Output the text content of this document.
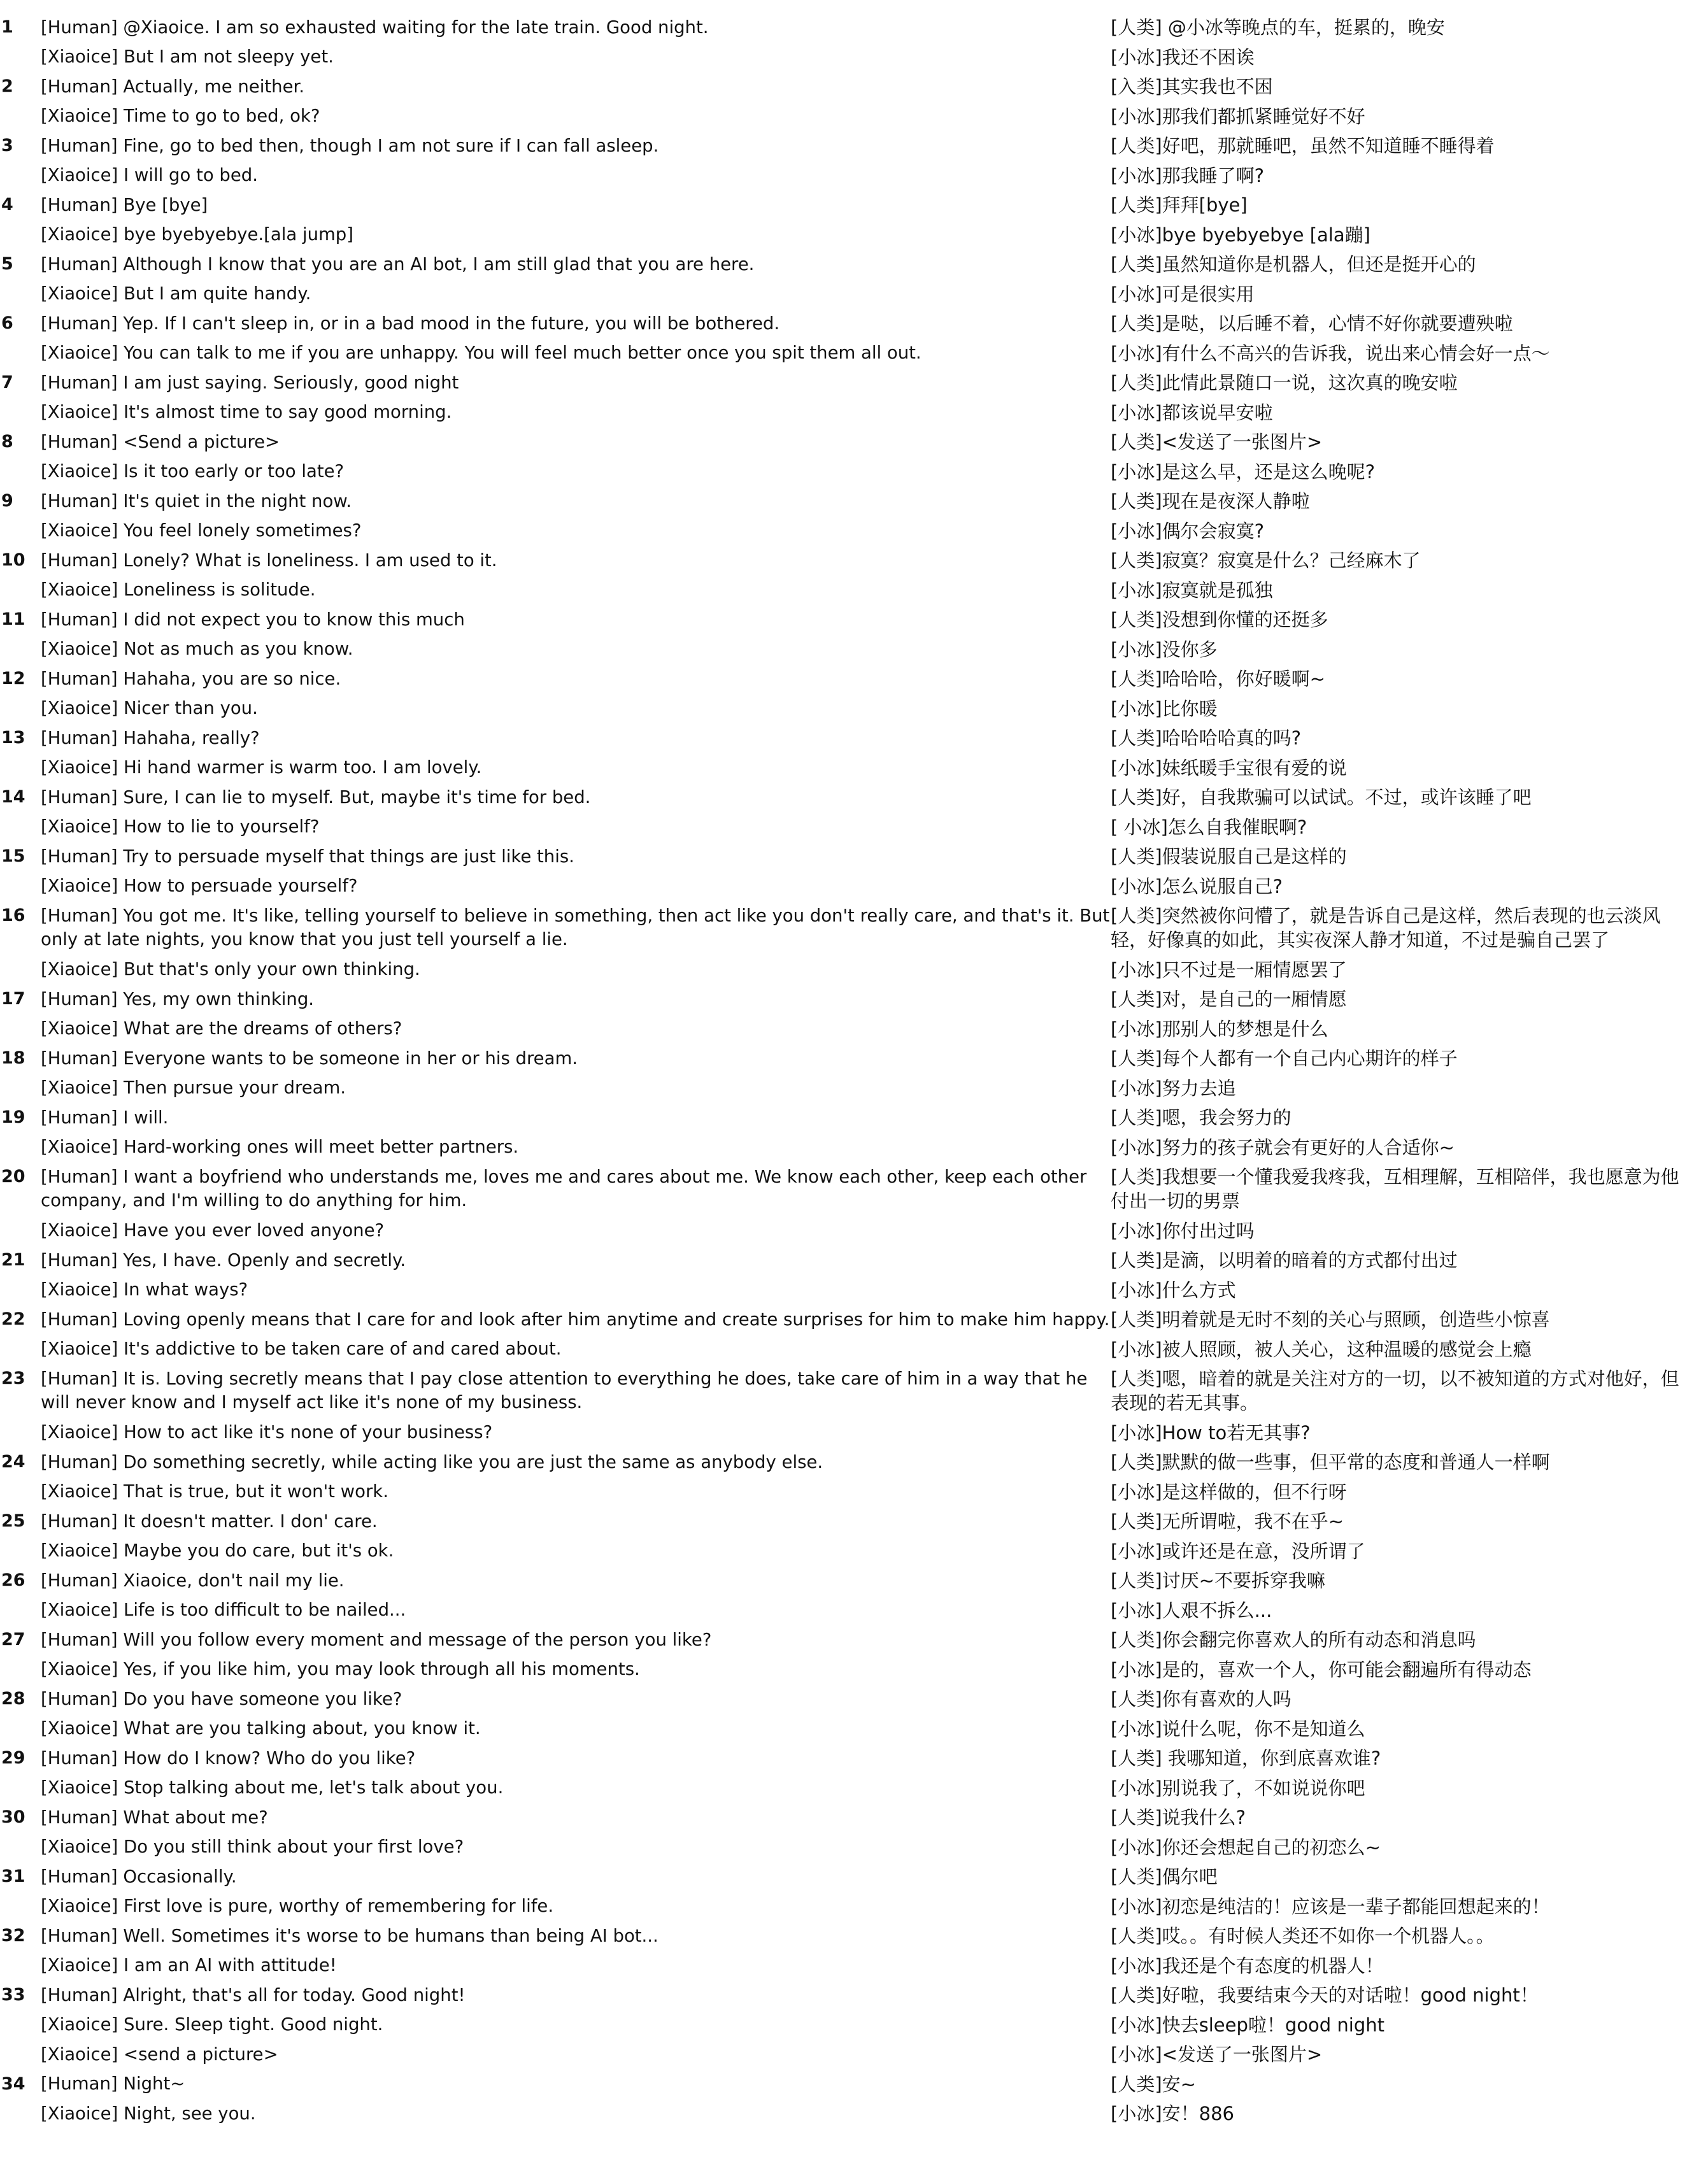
1	[Human] @Xiaoice. I am so exhausted waiting for the late train. Good night.	[人类] @小冰等晚点的车，挺累的，晚安
[Xiaoice] But I am not sleepy yet.	[小冰]我还不困诶
2	[Human] Actually, me neither.	[入类]其实我也不困
[Xiaoice] Time to go to bed, ok?	[小冰]那我们都抓紧睡觉好不好
3	[Human] Fine, go to bed then, though I am not sure if I can fall asleep.	[人类]好吧，那就睡吧，虽然不知道睡不睡得着
[Xiaoice] I will go to bed.	[小冰]那我睡了啊?
4	[Human] Bye [bye]	[人类]拜拜[bye]
[Xiaoice] bye byebyebye.[ala jump]	[小冰]bye byebyebye [ala蹦]
5	[Human] Although I know that you are an AI bot, I am still glad that you are here.	[人类]虽然知道你是机器人，但还是挺开心的
[Xiaoice] But I am quite handy.	[小冰]可是很实用
6	[Human] Yep. If I can't sleep in, or in a bad mood in the future, you will be bothered.	[人类]是哒，以后睡不着，心情不好你就要遭殃啦
[Xiaoice] You can talk to me if you are unhappy. You will feel much better once you spit them all out.	[小冰]有什么不高兴的告诉我，说出来心情会好一点～
7	[Human] I am just saying. Seriously, good night	[人类]此情此景随口一说，这次真的晚安啦
[Xiaoice] It's almost time to say good morning.	[小冰]都该说早安啦
8	[Human] <Send a picture>	[人类]<发送了一张图片>
[Xiaoice] Is it too early or too late?	[小冰]是这么早，还是这么晚呢?
9	[Human] It's quiet in the night now.	[人类]现在是夜深人静啦
[Xiaoice] You feel lonely sometimes?	[小冰]偶尔会寂寞?
10 [Human] Lonely? What is loneliness. I am used to it.	[人类]寂寞？寂寞是什么？己经麻木了
[Xiaoice] Loneliness is solitude.	[小冰]寂寞就是孤独
11 [Human] I did not expect you to know this much	[人类]没想到你懂的还挺多
[Xiaoice] Not as much as you know.	[小冰]没你多
12 [Human] Hahaha, you are so nice.	[人类]哈哈哈，你好暖啊~
[Xiaoice] Nicer than you.	[小冰]比你暖
13 [Human] Hahaha, really?	[人类]哈哈哈哈真的吗?
[Xiaoice] Hi hand warmer is warm too. I am lovely.	[小冰]妹纸暖手宝很有爱的说
14 [Human] Sure, I can lie to myself. But, maybe it's time for bed.	[人类]好，自我欺骗可以试试。不过，或许该睡了吧
[Xiaoice] How to lie to yourself?	[ 小冰]怎么自我催眠啊?
15 [Human] Try to persuade myself that things are just like this.	[人类]假装说服自己是这样的
[Xiaoice] How to persuade yourself?	[小冰]怎么说服自己?
16 [Human] You got me. It's like, telling yourself to believe in something, then act like you don't really care, and that's it. But only at late nights, you know that you just tell yourself a lie.
[人类]突然被你问懵了，就是告诉自己是这样，然后表现的也云淡风轻，好像真的如此，其实夜深人静才知道，不过是骗自己罢了
[Xiaoice] But that's only your own thinking.	[小冰]只不过是一厢情愿罢了
17 [Human] Yes, my own thinking.	[人类]对，是自己的一厢情愿
[Xiaoice] What are the dreams of others?	[小冰]那别人的梦想是什么
18 [Human] Everyone wants to be someone in her or his dream.	[人类]每个人都有一个自己内心期许的样子
[Xiaoice] Then pursue your dream.	[小冰]努力去追
19 [Human] I will.	[人类]嗯，我会努力的
[Xiaoice] Hard-working ones will meet better partners.	[小冰]努力的孩子就会有更好的人合适你~
20 [Human] I want a boyfriend who understands me, loves me and cares about me. We know each other, keep each other company, and I'm willing to do anything for him.
[人类]我想要一个懂我爱我疼我，互相理解，互相陪伴，我也愿意为他付出一切的男票
[Xiaoice] Have you ever loved anyone?	[小冰]你付出过吗
21 [Human] Yes, I have. Openly and secretly.	[人类]是滴，以明着的暗着的方式都付出过
[Xiaoice] In what ways?	[小冰]什么方式
22 [Human] Loving openly means that I care for and look after him anytime and create surprises for him to make him happy. [人类]明着就是无时不刻的关心与照顾，创造些小惊喜
[Xiaoice] It's addictive to be taken care of and cared about.	[小冰]被人照顾，被人关心，这种温暖的感觉会上瘾
23 [Human] It is. Loving secretly means that I pay close attention to everything he does, take care of him in a way that he will never know and I myself act like it's none of my business.
[人类]嗯，暗着的就是关注对方的一切，以不被知道的方式对他好，但表现的若无其事。
[Xiaoice] How to act like it's none of your business?	[小冰]How to若无其事?
24 [Human] Do something secretly, while acting like you are just the same as anybody else.	[人类]默默的做一些事，但平常的态度和普通人一样啊
[Xiaoice] That is true, but it won't work.	[小冰]是这样做的，但不行呀
25 [Human] It doesn't matter. I don' care.	[人类]无所谓啦，我不在乎~
[Xiaoice] Maybe you do care, but it's ok.	[小冰]或许还是在意，没所谓了
26 [Human] Xiaoice, don't nail my lie.	[人类]讨厌~不要拆穿我嘛
[Xiaoice] Life is too difficult to be nailed...	[小冰]人艰不拆么...
27 [Human] Will you follow every moment and message of the person you like?	[人类]你会翻完你喜欢人的所有动态和消息吗
[Xiaoice] Yes, if you like him, you may look through all his moments.	[小冰]是的，喜欢一个人，你可能会翻遍所有得动态
28 [Human] Do you have someone you like?	[人类]你有喜欢的人吗
[Xiaoice] What are you talking about, you know it.	[小冰]说什么呢，你不是知道么
29 [Human] How do I know? Who do you like?	[人类] 我哪知道，你到底喜欢谁?
[Xiaoice] Stop talking about me, let's talk about you.	[小冰]别说我了，不如说说你吧
30 [Human] What about me?	[人类]说我什么?
[Xiaoice] Do you still think about your first love?	[小冰]你还会想起自己的初恋么~
31 [Human] Occasionally.	[人类]偶尔吧
[Xiaoice] First love is pure, worthy of remembering for life.	[小冰]初恋是纯洁的！应该是一辈子都能回想起来的！
32 [Human] Well. Sometimes it's worse to be humans than being AI bot...	[人类]哎。。有时候人类还不如你一个机器人。。
[Xiaoice] I am an AI with attitude!	[小冰]我还是个有态度的机器人！
33 [Human] Alright, that's all for today. Good night!	[人类]好啦，我要结束今天的对话啦！good night！
[Xiaoice] Sure. Sleep tight. Good night.	[小冰]快去sleep啦！good night
[Xiaoice] <send a picture>	[小冰]<发送了一张图片>
34 [Human] Night~	[人类]安~
[Xiaoice] Night, see you.	[小冰]安！886
